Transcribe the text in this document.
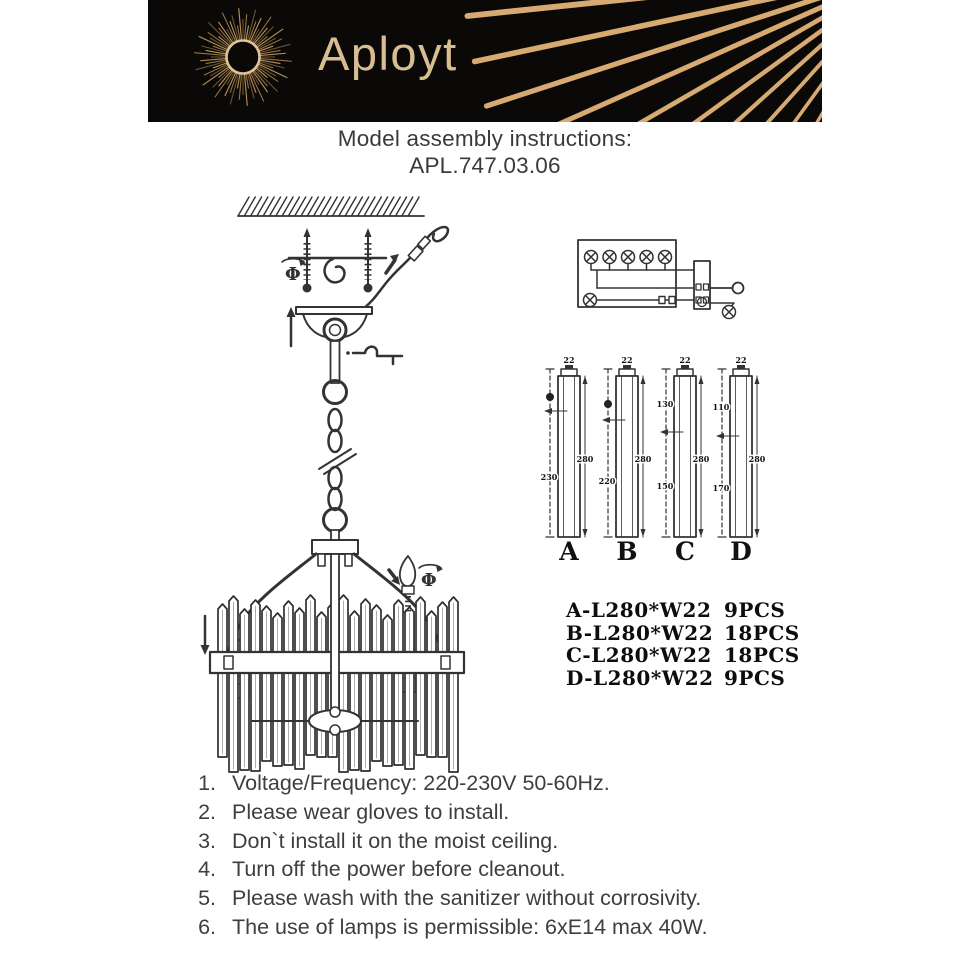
Aployt
Model assembly instructions:
APL.747.03.06
Φ
Φ
22
230
280
A
22
220
280
B
22
130
150
280
C
22
110
170
280
D
A-L280*W22 9PCS
B-L280*W22 18PCS
C-L280*W22 18PCS
D-L280*W22 9PCS
1. Voltage/Frequency: 220-230V 50-60Hz.
2. Please wear gloves to install.
3. Don`t install it on the moist ceiling.
4. Turn off the power before cleanout.
5. Please wash with the sanitizer without corrosivity.
6. The use of lamps is permissible: 6xE14 max 40W.
